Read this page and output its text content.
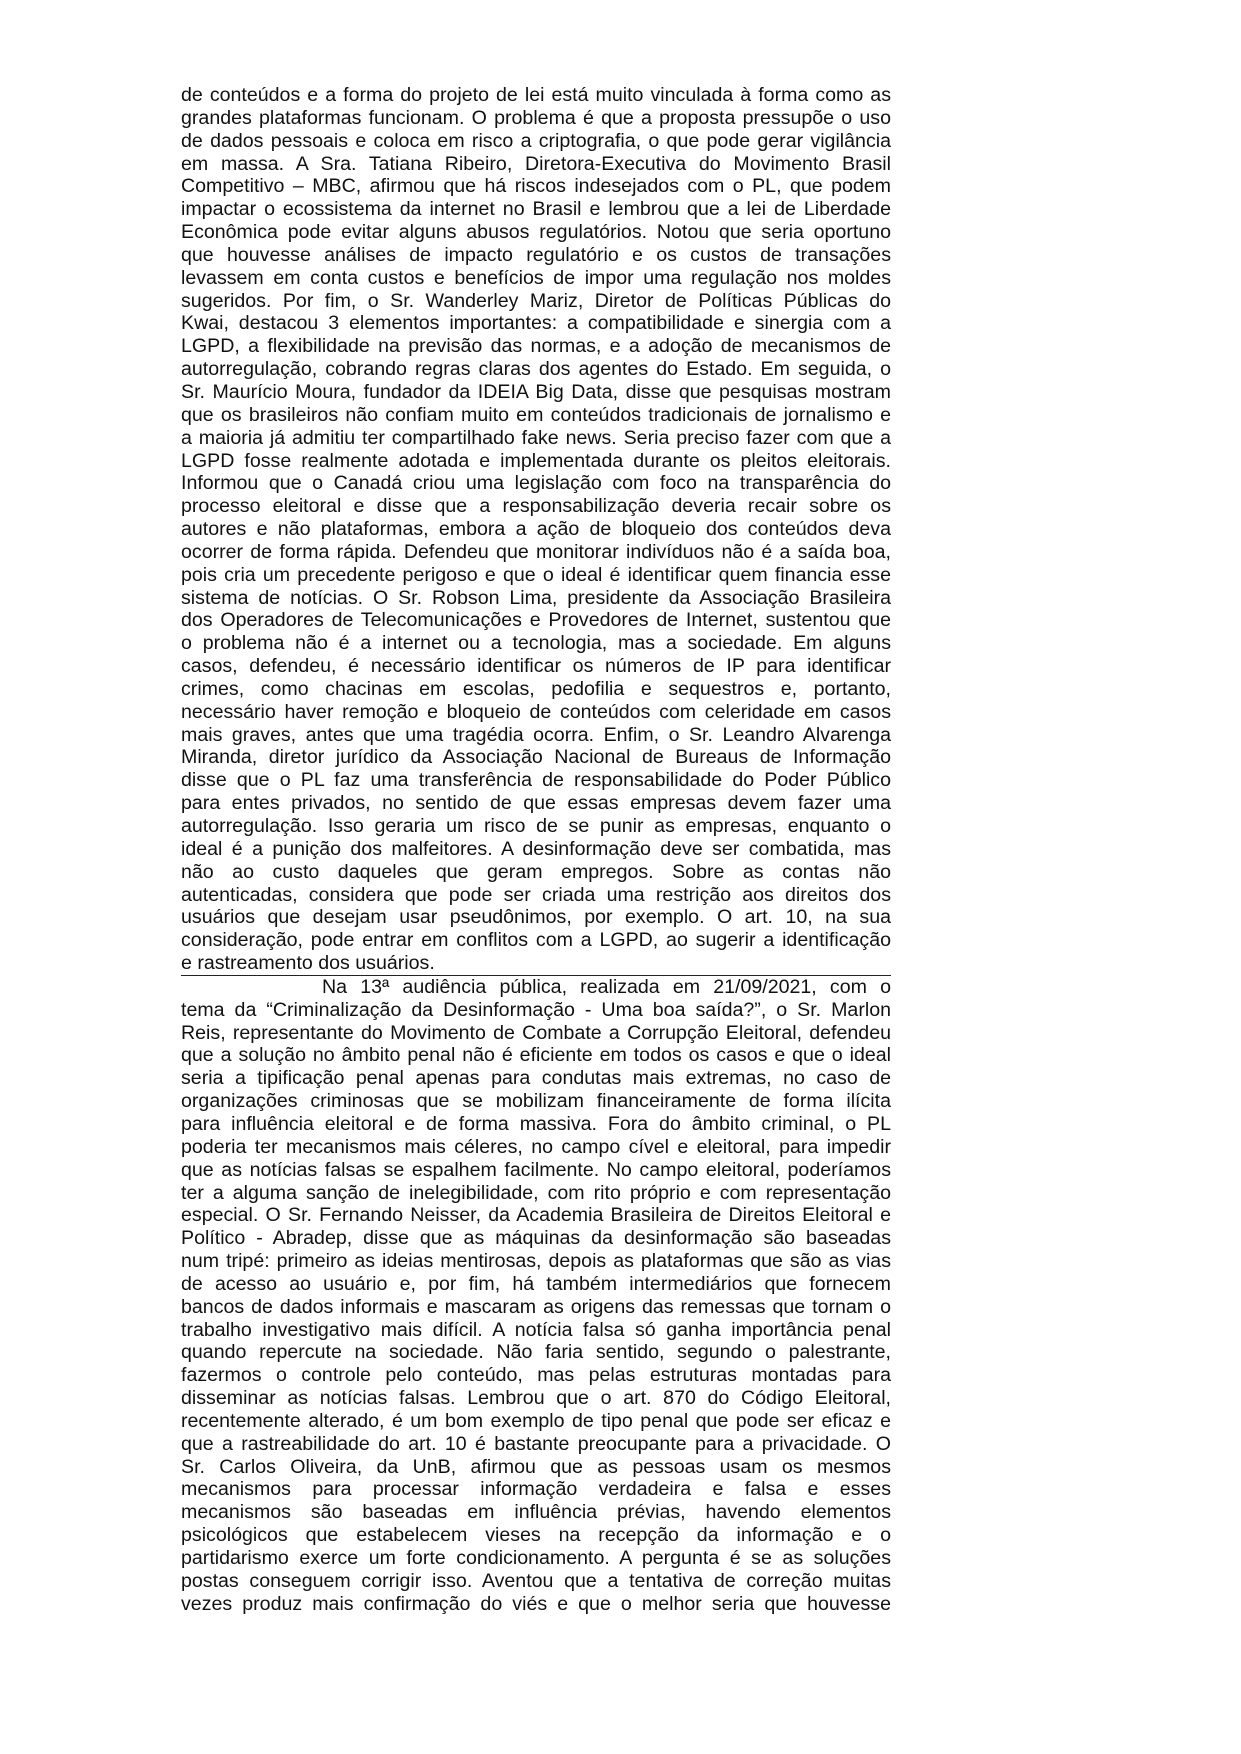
de conteúdos e a forma do projeto de lei está muito vinculada à forma como as
grandes plataformas funcionam. O problema é que a proposta pressupõe o uso
de dados pessoais e coloca em risco a criptografia, o que pode gerar vigilância
em massa. A Sra. Tatiana Ribeiro, Diretora-Executiva do Movimento Brasil
Competitivo – MBC, afirmou que há riscos indesejados com o PL, que podem
impactar o ecossistema da internet no Brasil e lembrou que a lei de Liberdade
Econômica pode evitar alguns abusos regulatórios. Notou que seria oportuno
que houvesse análises de impacto regulatório e os custos de transações
levassem em conta custos e benefícios de impor uma regulação nos moldes
sugeridos. Por fim, o Sr. Wanderley Mariz, Diretor de Políticas Públicas do
Kwai, destacou 3 elementos importantes: a compatibilidade e sinergia com a
LGPD, a flexibilidade na previsão das normas, e a adoção de mecanismos de
autorregulação, cobrando regras claras dos agentes do Estado. Em seguida, o
Sr. Maurício Moura, fundador da IDEIA Big Data, disse que pesquisas mostram
que os brasileiros não confiam muito em conteúdos tradicionais de jornalismo e
a maioria já admitiu ter compartilhado fake news. Seria preciso fazer com que a
LGPD fosse realmente adotada e implementada durante os pleitos eleitorais.
Informou que o Canadá criou uma legislação com foco na transparência do
processo eleitoral e disse que a responsabilização deveria recair sobre os
autores e não plataformas, embora a ação de bloqueio dos conteúdos deva
ocorrer de forma rápida. Defendeu que monitorar indivíduos não é a saída boa,
pois cria um precedente perigoso e que o ideal é identificar quem financia esse
sistema de notícias. O Sr. Robson Lima, presidente da Associação Brasileira
dos Operadores de Telecomunicações e Provedores de Internet, sustentou que
o problema não é a internet ou a tecnologia, mas a sociedade. Em alguns
casos, defendeu, é necessário identificar os números de IP para identificar
crimes, como chacinas em escolas, pedofilia e sequestros e, portanto,
necessário haver remoção e bloqueio de conteúdos com celeridade em casos
mais graves, antes que uma tragédia ocorra. Enfim, o Sr. Leandro Alvarenga
Miranda, diretor jurídico da Associação Nacional de Bureaus de Informação
disse que o PL faz uma transferência de responsabilidade do Poder Público
para entes privados, no sentido de que essas empresas devem fazer uma
autorregulação. Isso geraria um risco de se punir as empresas, enquanto o
ideal é a punição dos malfeitores. A desinformação deve ser combatida, mas
não ao custo daqueles que geram empregos. Sobre as contas não
autenticadas, considera que pode ser criada uma restrição aos direitos dos
usuários que desejam usar pseudônimos, por exemplo. O art. 10, na sua
consideração, pode entrar em conflitos com a LGPD, ao sugerir a identificação
e rastreamento dos usuários.
Na 13ª audiência pública, realizada em 21/09/2021, com o
tema da “Criminalização da Desinformação - Uma boa saída?”, o Sr. Marlon
Reis, representante do Movimento de Combate a Corrupção Eleitoral, defendeu
que a solução no âmbito penal não é eficiente em todos os casos e que o ideal
seria a tipificação penal apenas para condutas mais extremas, no caso de
organizações criminosas que se mobilizam financeiramente de forma ilícita
para influência eleitoral e de forma massiva. Fora do âmbito criminal, o PL
poderia ter mecanismos mais céleres, no campo cível e eleitoral, para impedir
que as notícias falsas se espalhem facilmente. No campo eleitoral, poderíamos
ter a alguma sanção de inelegibilidade, com rito próprio e com representação
especial. O Sr. Fernando Neisser, da Academia Brasileira de Direitos Eleitoral e
Político - Abradep, disse que as máquinas da desinformação são baseadas
num tripé: primeiro as ideias mentirosas, depois as plataformas que são as vias
de acesso ao usuário e, por fim, há também intermediários que fornecem
bancos de dados informais e mascaram as origens das remessas que tornam o
trabalho investigativo mais difícil. A notícia falsa só ganha importância penal
quando repercute na sociedade. Não faria sentido, segundo o palestrante,
fazermos o controle pelo conteúdo, mas pelas estruturas montadas para
disseminar as notícias falsas. Lembrou que o art. 870 do Código Eleitoral,
recentemente alterado, é um bom exemplo de tipo penal que pode ser eficaz e
que a rastreabilidade do art. 10 é bastante preocupante para a privacidade. O
Sr. Carlos Oliveira, da UnB, afirmou que as pessoas usam os mesmos
mecanismos para processar informação verdadeira e falsa e esses
mecanismos são baseadas em influência prévias, havendo elementos
psicológicos que estabelecem vieses na recepção da informação e o
partidarismo exerce um forte condicionamento. A pergunta é se as soluções
postas conseguem corrigir isso. Aventou que a tentativa de correção muitas
vezes produz mais confirmação do viés e que o melhor seria que houvesse
